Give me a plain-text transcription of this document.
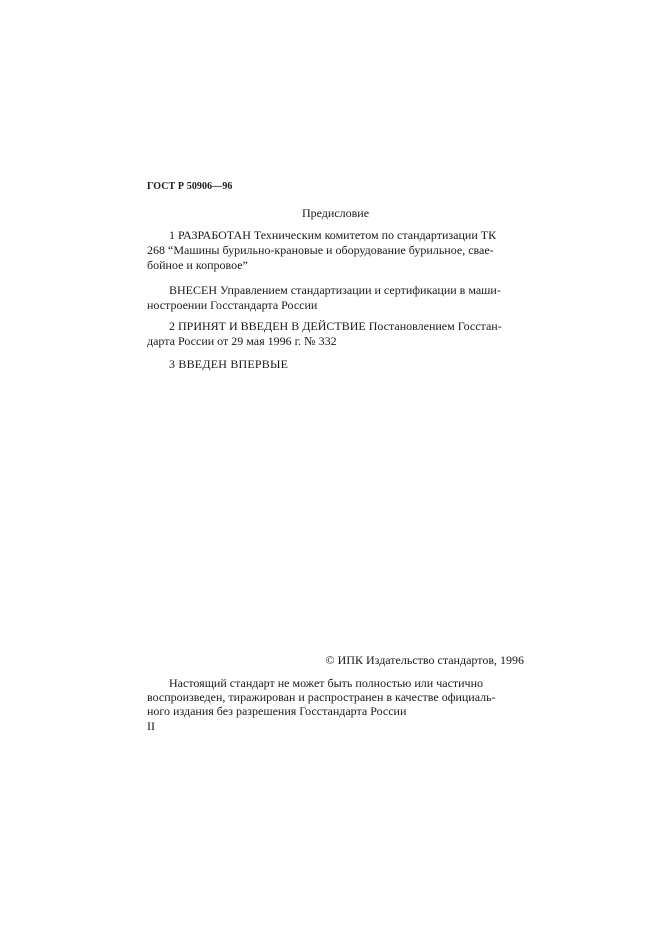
ГОСТ Р 50906—96
Предисловие
1 РАЗРАБОТАН Техническим комитетом по стандартизации ТК
268 “Машины бурильно-крановые и оборудование бурильное, сваe-
бойное и копровое”
ВНЕСЕН Управлением стандартизации и сертификации в маши-
ностроении Госстандарта России
2 ПРИНЯТ И ВВЕДЕН В ДЕЙСТВИЕ Постановлением Госстан-
дарта России от 29 мая 1996 г. № 332
3 ВВЕДЕН ВПЕРВЫЕ
© ИПК Издательство стандартов, 1996
Настоящий стандарт не может быть полностью или частично
воспроизведен, тиражирован и распространен в качестве официаль-
ного издания без разрешения Госстандарта России
II
